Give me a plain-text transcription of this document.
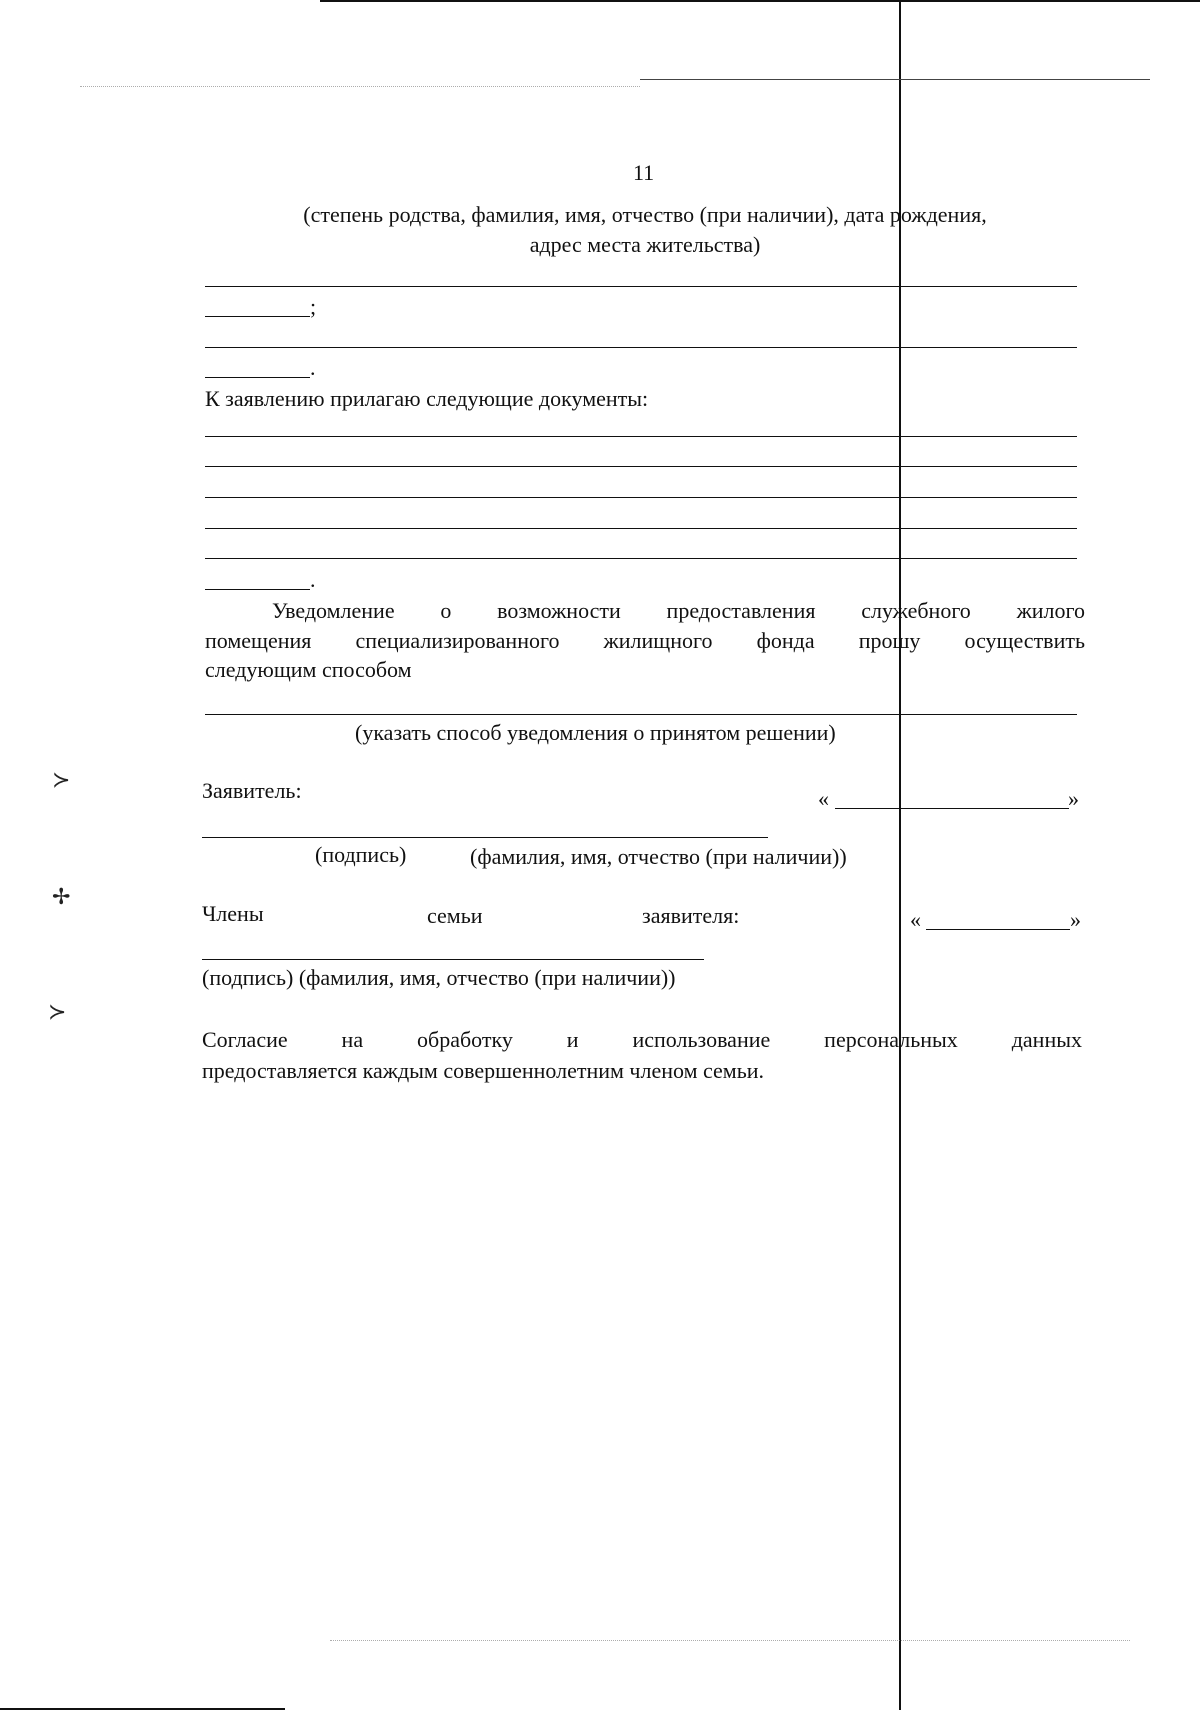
≻
✢
≻
11
(степень родства, фамилия, имя, отчество (при наличии), дата рождения,
адрес места жительства)
;
.
К заявлению прилагаю следующие документы:
.
Уведомление о возможности предоставления служебного жилого
помещения специализированного жилищного фонда прошу осуществить
следующим способом
(указать способ уведомления о принятом решении)
Заявитель:	«	»
(подпись)	(фамилия, имя, отчество (при наличии))
Члены	семьи	заявителя:	«	»
(подпись) (фамилия, имя, отчество (при наличии))
Согласие на обработку и использование персональных данных
предоставляется каждым совершеннолетним членом семьи.
